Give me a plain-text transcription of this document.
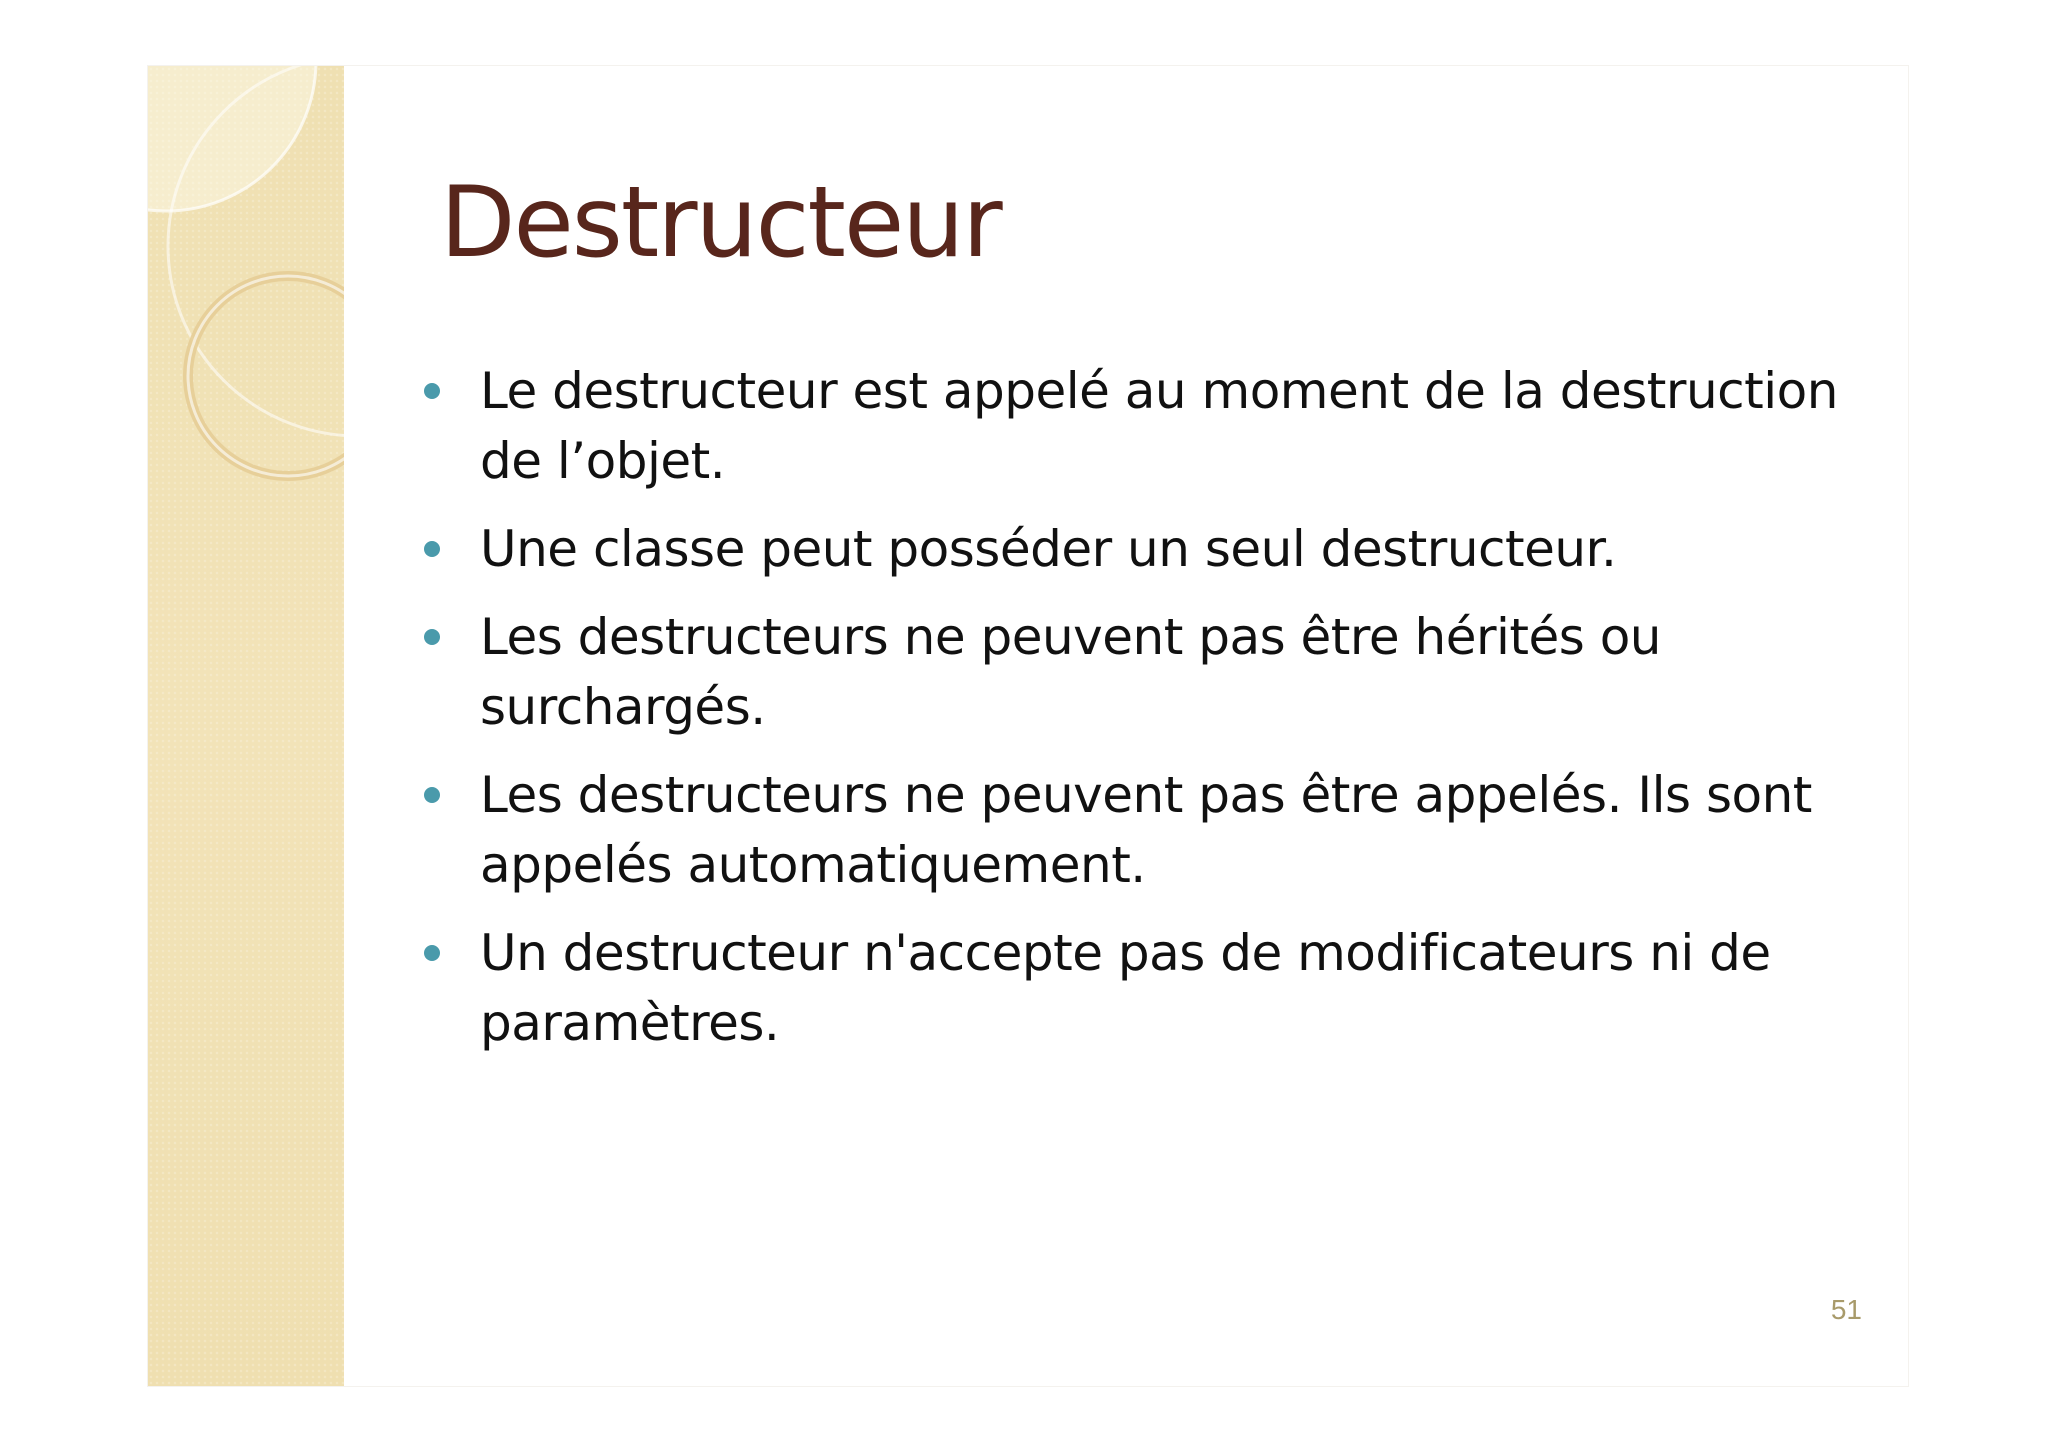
Destructeur
Le destructeur est appelé au moment de la destruction de l’objet.
Une classe peut posséder un seul destructeur.
Les destructeurs ne peuvent pas être hérités ou surchargés.
Les destructeurs ne peuvent pas être appelés. Ils sont appelés automatiquement.
Un destructeur n'accepte pas de modificateurs ni de paramètres.
51
